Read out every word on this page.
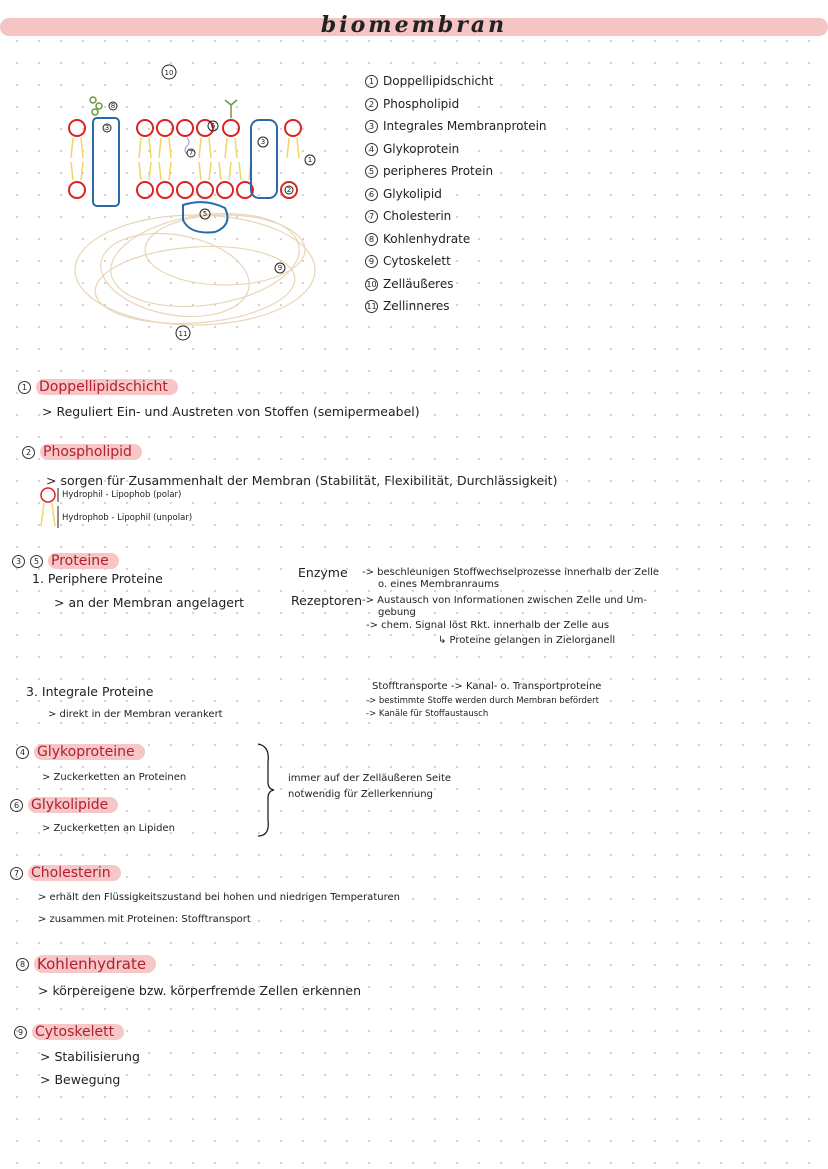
biomembran
10
8
1
3	6
3
7
2
5
9
11
1 Doppellipidschicht
2 Phospholipid
3 Integrales Membranprotein
4 Glykoprotein
5 peripheres Protein
6 Glykolipid
7 Cholesterin
8 Kohlenhydrate
9 Cytoskelett
10 Zelläußeres
11 Zellinneres
1 Doppellipidschicht
> Reguliert Ein- und Austreten von Stoffen (semipermeabel)
2 Phospholipid
> sorgen für Zusammenhalt der Membran (Stabilität, Flexibilität, Durchlässigkeit)
Hydrophil - Lipophob (polar)
Hydrophob - Lipophil (unpolar)
3 5 Proteine
1. Periphere Proteine
> an der Membran angelagert
Enzyme -> beschleunigen Stoffwechselprozesse innerhalb der Zelle
o. eines Membranraums
Rezeptoren -> Austausch von Informationen zwischen Zelle und Um-
gebung
-> chem. Signal löst Rkt. innerhalb der Zelle aus
↳ Proteine gelangen in Zielorganell
3. Integrale Proteine
> direkt in der Membran verankert
Stofftransporte -> Kanal- o. Transportproteine
-> bestimmte Stoffe werden durch Membran befördert
-> Kanäle für Stoffaustausch
4 Glykoproteine
> Zuckerketten an Proteinen
6 Glykolipide
> Zuckerketten an Lipiden
immer auf der Zelläußeren Seite
notwendig für Zellerkennung
7 Cholesterin
> erhält den Flüssigkeitszustand bei hohen und niedrigen Temperaturen
> zusammen mit Proteinen: Stofftransport
8 Kohlenhydrate
> körpereigene bzw. körperfremde Zellen erkennen
9 Cytoskelett
> Stabilisierung
> Bewegung
